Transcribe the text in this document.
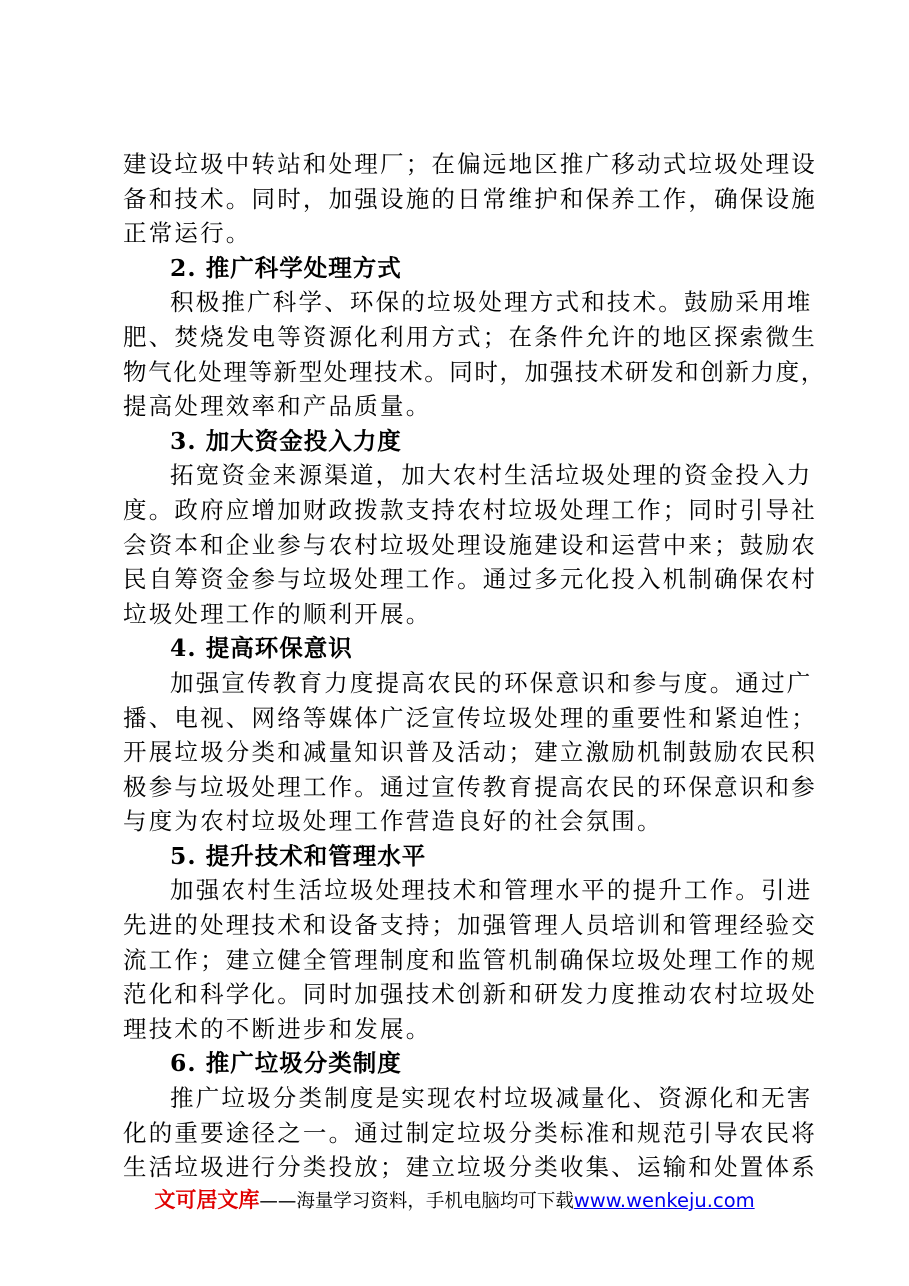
建设垃圾中转站和处理厂；在偏远地区推广移动式垃圾处理设
备和技术。同时，加强设施的日常维护和保养工作，确保设施
正常运行。
2. 推广科学处理方式
积极推广科学、环保的垃圾处理方式和技术。鼓励采用堆
肥、焚烧发电等资源化利用方式；在条件允许的地区探索微生
物气化处理等新型处理技术。同时，加强技术研发和创新力度，
提高处理效率和产品质量。
3. 加大资金投入力度
拓宽资金来源渠道，加大农村生活垃圾处理的资金投入力
度。政府应增加财政拨款支持农村垃圾处理工作；同时引导社
会资本和企业参与农村垃圾处理设施建设和运营中来；鼓励农
民自筹资金参与垃圾处理工作。通过多元化投入机制确保农村
垃圾处理工作的顺利开展。
4. 提高环保意识
加强宣传教育力度提高农民的环保意识和参与度。通过广
播、电视、网络等媒体广泛宣传垃圾处理的重要性和紧迫性；
开展垃圾分类和减量知识普及活动；建立激励机制鼓励农民积
极参与垃圾处理工作。通过宣传教育提高农民的环保意识和参
与度为农村垃圾处理工作营造良好的社会氛围。
5. 提升技术和管理水平
加强农村生活垃圾处理技术和管理水平的提升工作。引进
先进的处理技术和设备支持；加强管理人员培训和管理经验交
流工作；建立健全管理制度和监管机制确保垃圾处理工作的规
范化和科学化。同时加强技术创新和研发力度推动农村垃圾处
理技术的不断进步和发展。
6. 推广垃圾分类制度
推广垃圾分类制度是实现农村垃圾减量化、资源化和无害
化的重要途径之一。通过制定垃圾分类标准和规范引导农民将
生活垃圾进行分类投放；建立垃圾分类收集、运输和处置体系
文可居文库——海量学习资料，手机电脑均可下载www.wenkeju.com
